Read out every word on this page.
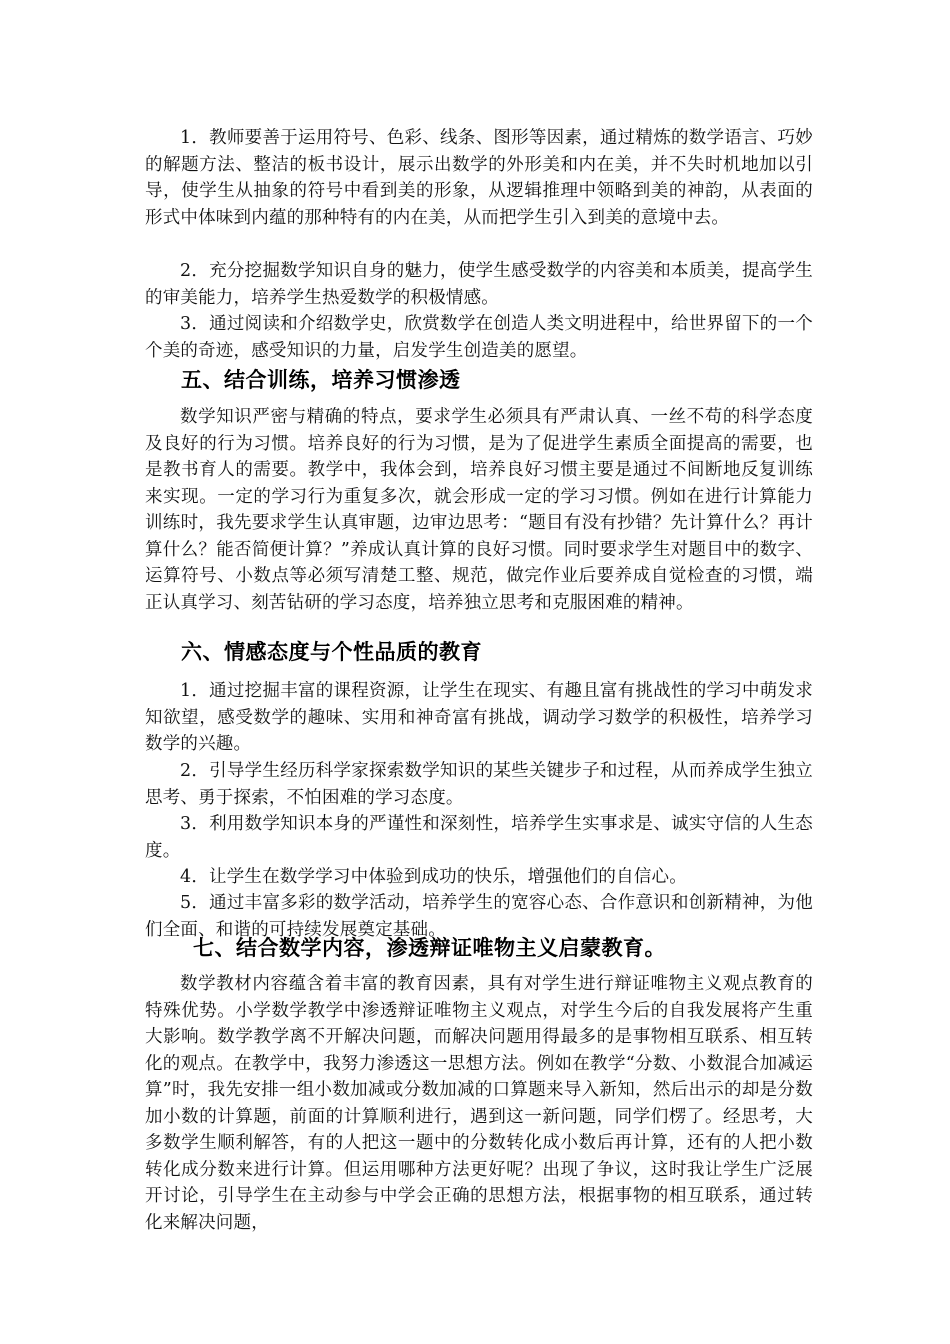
1．教师要善于运用符号、色彩、线条、图形等因素，通过精炼的数学语言、巧妙的解题方法、整洁的板书设计，展示出数学的外形美和内在美，并不失时机地加以引导，使学生从抽象的符号中看到美的形象，从逻辑推理中领略到美的神韵，从表面的形式中体味到内蕴的那种特有的内在美，从而把学生引入到美的意境中去。

2．充分挖掘数学知识自身的魅力，使学生感受数学的内容美和本质美，提高学生的审美能力，培养学生热爱数学的积极情感。

3．通过阅读和介绍数学史，欣赏数学在创造人类文明进程中，给世界留下的一个个美的奇迹，感受知识的力量，启发学生创造美的愿望。

五、结合训练，培养习惯渗透

数学知识严密与精确的特点，要求学生必须具有严肃认真、一丝不苟的科学态度及良好的行为习惯。培养良好的行为习惯，是为了促进学生素质全面提高的需要，也是教书育人的需要。教学中，我体会到，培养良好习惯主要是通过不间断地反复训练来实现。一定的学习行为重复多次，就会形成一定的学习习惯。例如在进行计算能力训练时，我先要求学生认真审题，边审边思考：“题目有没有抄错？先计算什么？再计算什么？能否简便计算？”养成认真计算的良好习惯。同时要求学生对题目中的数字、运算符号、小数点等必须写清楚工整、规范，做完作业后要养成自觉检查的习惯，端正认真学习、刻苦钻研的学习态度，培养独立思考和克服困难的精神。

六、情感态度与个性品质的教育

1．通过挖掘丰富的课程资源，让学生在现实、有趣且富有挑战性的学习中萌发求知欲望，感受数学的趣味、实用和神奇富有挑战，调动学习数学的积极性，培养学习数学的兴趣。

2．引导学生经历科学家探索数学知识的某些关键步子和过程，从而养成学生独立思考、勇于探索，不怕困难的学习态度。

3．利用数学知识本身的严谨性和深刻性，培养学生实事求是、诚实守信的人生态度。

4．让学生在数学学习中体验到成功的快乐，增强他们的自信心。

5．通过丰富多彩的数学活动，培养学生的宽容心态、合作意识和创新精神，为他们全面、和谐的可持续发展奠定基础。

七、结合数学内容，渗透辩证唯物主义启蒙教育。

数学教材内容蕴含着丰富的教育因素，具有对学生进行辩证唯物主义观点教育的特殊优势。小学数学教学中渗透辩证唯物主义观点，对学生今后的自我发展将产生重大影响。数学教学离不开解决问题，而解决问题用得最多的是事物相互联系、相互转化的观点。在教学中，我努力渗透这一思想方法。例如在教学“分数、小数混合加减运算”时，我先安排一组小数加减或分数加减的口算题来导入新知，然后出示的却是分数加小数的计算题，前面的计算顺利进行，遇到这一新问题，同学们楞了。经思考，大多数学生顺利解答，有的人把这一题中的分数转化成小数后再计算，还有的人把小数转化成分数来进行计算。但运用哪种方法更好呢？出现了争议，这时我让学生广泛展开讨论，引导学生在主动参与中学会正确的思想方法，根据事物的相互联系，通过转化来解决问题，
